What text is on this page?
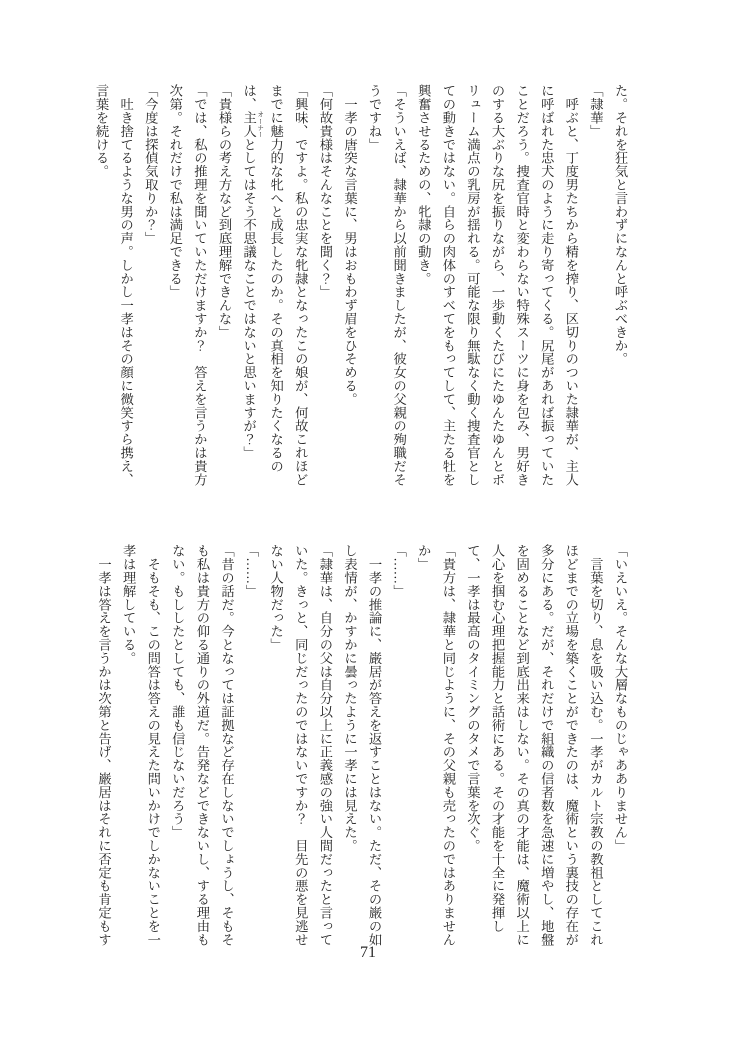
た。それを狂気と言わずになんと呼ぶべきか。

「隷華」

　呼ぶと、丁度男たちから精を搾り、区切りのついた隷華が、主人

に呼ばれた忠犬のように走り寄ってくる。尻尾があれば振っていた

ことだろう。捜査官時と変わらない特殊スーツに身を包み、男好き

のする大ぶりな尻を振りながら、一歩動くたびにたゆんたゆんとボ

リューム満点の乳房が揺れる。可能な限り無駄なく動く捜査官とし

ての動きではない。自らの肉体のすべてをもってして、主たる牡を

興奮させるための、牝隷の動き。

「そういえば、隷華から以前聞きましたが、彼女の父親の殉職だそ

うですね」

　一孝の唐突な言葉に、男はおもわず眉をひそめる。

「何故貴様はそんなことを聞く？」

「興味、ですよ。私の忠実な牝隷となったこの娘が、何故これほど

までに魅力的な牝へと成長したのか。その真相を知りたくなるの

は、主人 オーナーとしてはそう不思議なことではないと思いますが？」

「貴様らの考え方など到底理解できんな」

「では、私の推理を聞いていただけますか？　答えを言うかは貴方

次第。それだけで私は満足できる」

「今度は探偵気取りか？」

　吐き捨てるような男の声。しかし一孝はその顔に微笑すら携え、

言葉を続ける。

「いえいえ。そんな大層なものじゃあありません」

　言葉を切り、息を吸い込む。一孝がカルト宗教の教祖としてこれ

ほどまでの立場を築くことができたのは、魔術という裏技の存在が

多分にある。だが、それだけで組織の信者数を急速に増やし、地盤

を固めることなど到底出来はしない。その真の才能は、魔術以上に

人心を掴む心理把握能力と話術にある。その才能を十全に発揮し

て、一孝は最高のタイミングのタメで言葉を次ぐ。

「貴方は、隷華と同じように、その父親も売ったのではありません

か」

「……」

　一孝の推論に、巌居が答えを返すことはない。ただ、その巌の如

し表情が、かすかに曇ったように一孝には見えた。

「隷華は、自分の父は自分以上に正義感の強い人間だったと言って

いた。きっと、同じだったのではないですか？　目先の悪を見逃せ

ない人物だった」

「……」

「昔の話だ。今となっては証拠など存在しないでしょうし、そもそ

も私は貴方の仰る通りの外道だ。告発などできないし、する理由も

ない。もししたとしても、誰も信じないだろう」

　そもそも、この問答は答えの見えた問いかけでしかないことを一

孝は理解している。

　一孝は答えを言うかは次第と告げ、巌居はそれに否定も肯定もす

71
